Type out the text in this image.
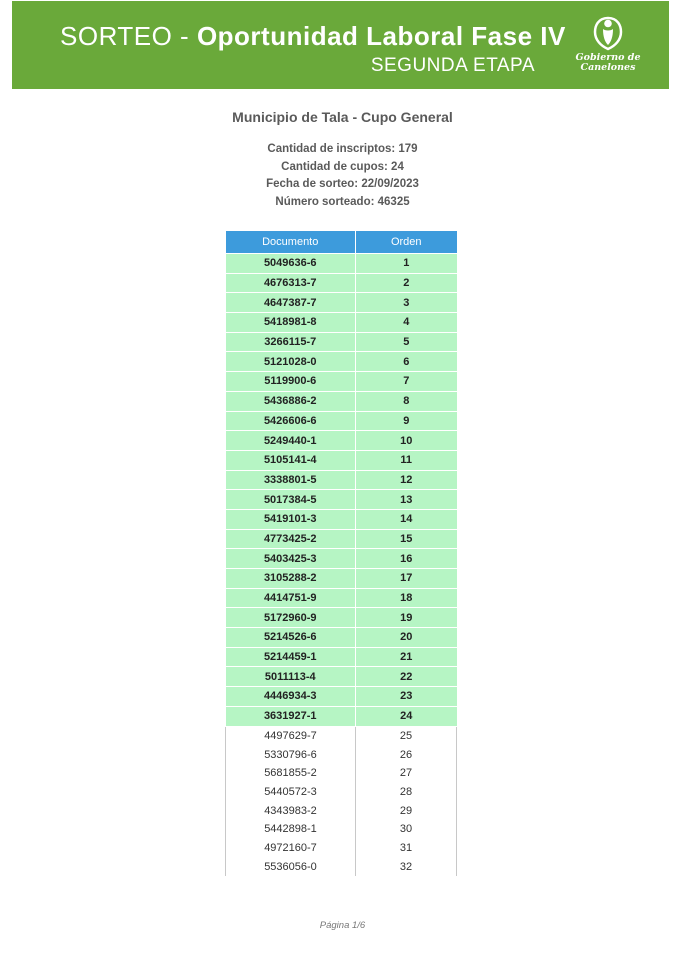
SORTEO - Oportunidad Laboral Fase IV
SEGUNDA ETAPA	Gobierno de
Canelones
Municipio de Tala - Cupo General
Cantidad de inscriptos: 179
Cantidad de cupos: 24
Fecha de sorteo: 22/09/2023
Número sorteado: 46325
Documento	Orden
5049636-6	1
4676313-7	2
4647387-7	3
5418981-8	4
3266115-7	5
5121028-0	6
5119900-6	7
5436886-2	8
5426606-6	9
5249440-1	10
5105141-4	11
3338801-5	12
5017384-5	13
5419101-3	14
4773425-2	15
5403425-3	16
3105288-2	17
4414751-9	18
5172960-9	19
5214526-6	20
5214459-1	21
5011113-4	22
4446934-3	23
3631927-1	24
4497629-7	25
5330796-6	26
5681855-2	27
5440572-3	28
4343983-2	29
5442898-1	30
4972160-7	31
5536056-0	32
Página 1/6
